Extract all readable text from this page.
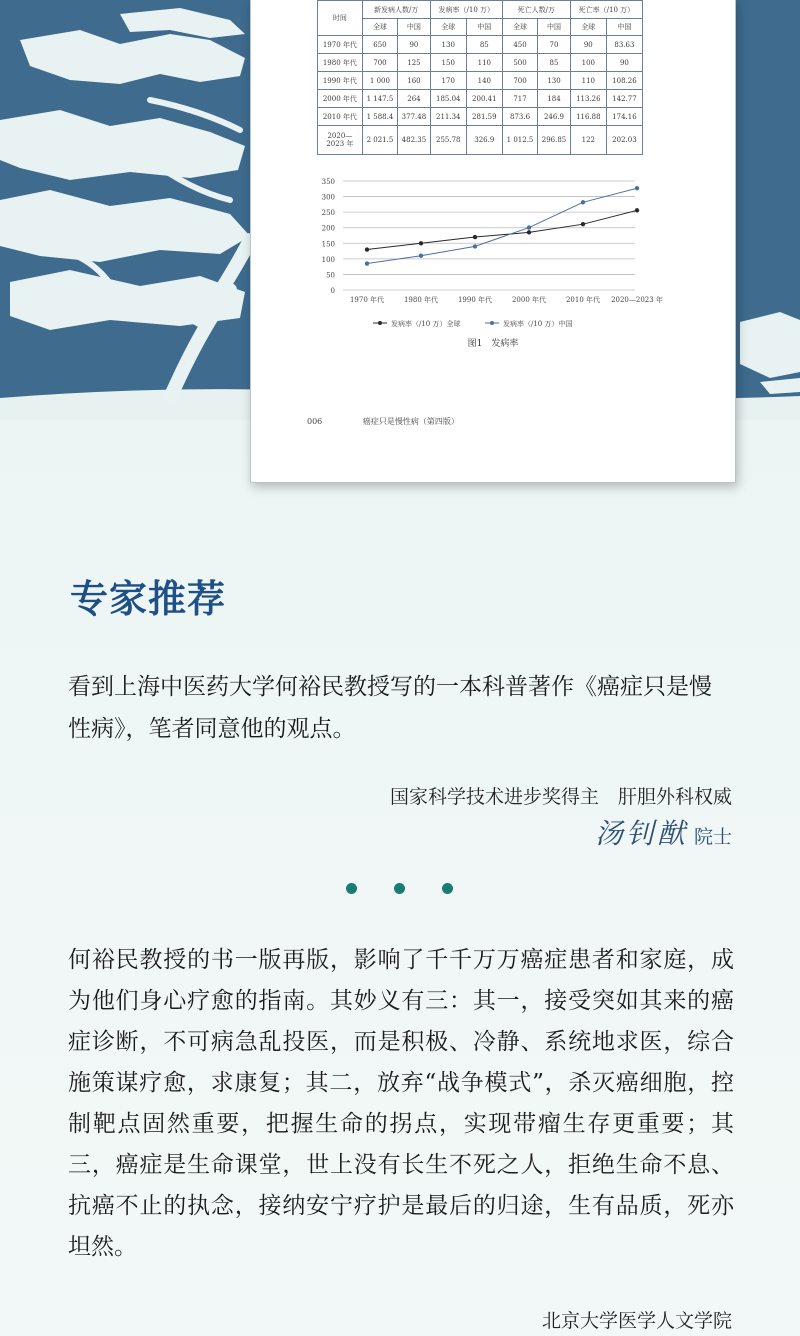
时间	新发病人数/万		发病率（/10 万）		死亡人数/万		死亡率（/10 万）	
	全球	中国	全球	中国	全球	中国	全球	中国
1970 年代	650	90	130	85	450	70	90	83.63
1980 年代	700	125	150	110	500	85	100	90
1990 年代	1 000	160	170	140	700	130	110	108.26
2000 年代	1 147.5	264	185.04	200.41	717	184	113.26	142.77
2010 年代	1 588.4	377.48	211.34	281.59	873.6	246.9	116.88	174.16
2020—
2023 年	2 021.5	482.35	255.78	326.9	1 012.5	296.85	122	202.03
0
50
100
150
200
250
300
350
1970 年代	1980 年代	1990 年代	2000 年代	2010 年代 2020—2023 年
发病率（/10 万）全球	发病率（/10 万）中国
图1　发病率
006	癌症只是慢性病（第四版）
专家推荐

看到上海中医药大学何裕民教授写的一本科普著作《癌症只是慢性病》，笔者同意他的观点。

国家科学技术进步奖得主　肝胆外科权威

汤钊猷 院士

何裕民教授的书一版再版，影响了千千万万癌症患者和家庭，成为他们身心疗愈的指南。其妙义有三：其一，接受突如其来的癌症诊断，不可病急乱投医，而是积极、冷静、系统地求医，综合施策谋疗愈，求康复；其二，放弃“战争模式”，杀灭癌细胞，控制靶点固然重要，把握生命的拐点，实现带瘤生存更重要；其三，癌症是生命课堂，世上没有长生不死之人，拒绝生命不息、抗癌不止的执念，接纳安宁疗护是最后的归途，生有品质，死亦坦然。

北京大学医学人文学院
